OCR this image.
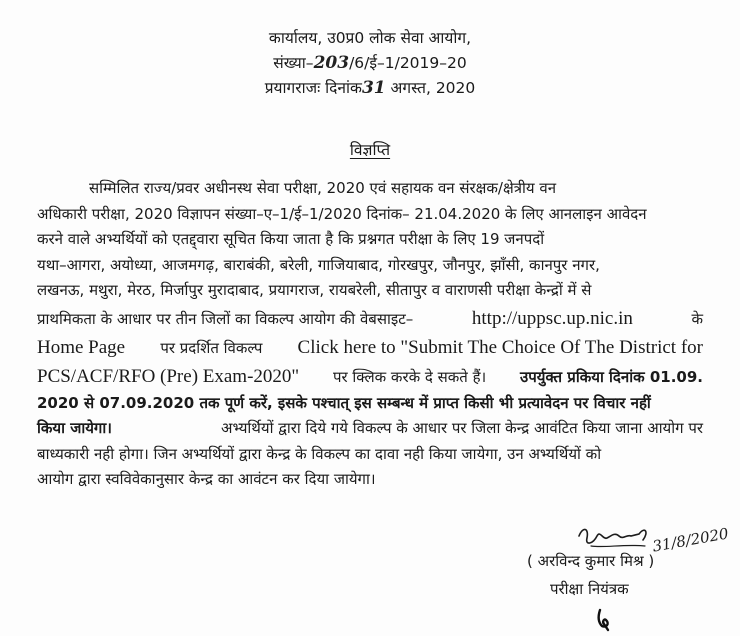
कार्यालय, उ0प्र0 लोक सेवा आयोग,
संख्या–203/6/ई–1/2019–20
प्रयागराजः दिनांक31 अगस्त, 2020
विज्ञप्ति
सम्मिलित राज्य/प्रवर अधीनस्थ सेवा परीक्षा, 2020 एवं सहायक वन संरक्षक/क्षेत्रीय वन
अधिकारी परीक्षा, 2020 विज्ञापन संख्या–ए–1/ई–1/2020 दिनांक– 21.04.2020 के लिए आनलाइन आवेदन
करने वाले अभ्यर्थियों को एतद्द्वारा सूचित किया जाता है कि प्रश्नगत परीक्षा के लिए 19 जनपदों
यथा–आगरा, अयोध्या, आजमगढ़, बाराबंकी, बरेली, गाजियाबाद, गोरखपुर, जौनपुर, झाँसी, कानपुर नगर,
लखनऊ, मथुरा, मेरठ, मिर्जापुर मुरादाबाद, प्रयागराज, रायबरेली, सीतापुर व वाराणसी परीक्षा केन्द्रों में से
प्राथमिकता के आधार पर तीन जिलों का विकल्प आयोग की वेबसाइट–	http://uppsc.up.nic.in	के
Home Page पर प्रदर्शित विकल्प Click here to "Submit The Choice Of The District for
PCS/ACF/RFO (Pre) Exam-2020" पर क्लिक करके दे सकते हैं। उपर्युक्त प्रकिया दिनांक 01.09.
2020 से 07.09.2020 तक पूर्ण करें, इसके पश्चात् इस सम्बन्ध में प्राप्त किसी भी प्रत्यावेदन पर विचार नहीं
किया जायेगा।	अभ्यर्थियों द्वारा दिये गये विकल्प के आधार पर जिला केन्द्र आवंटित किया जाना आयोग पर
बाध्यकारी नही होगा। जिन अभ्यर्थियों द्वारा केन्द्र के विकल्प का दावा नही किया जायेगा, उन अभ्यर्थियों को
आयोग द्वारा स्वविवेकानुसार केन्द्र का आवंटन कर दिया जायेगा।
31/8/2020
( अरविन्द कुमार मिश्र )
परीक्षा नियंत्रक
